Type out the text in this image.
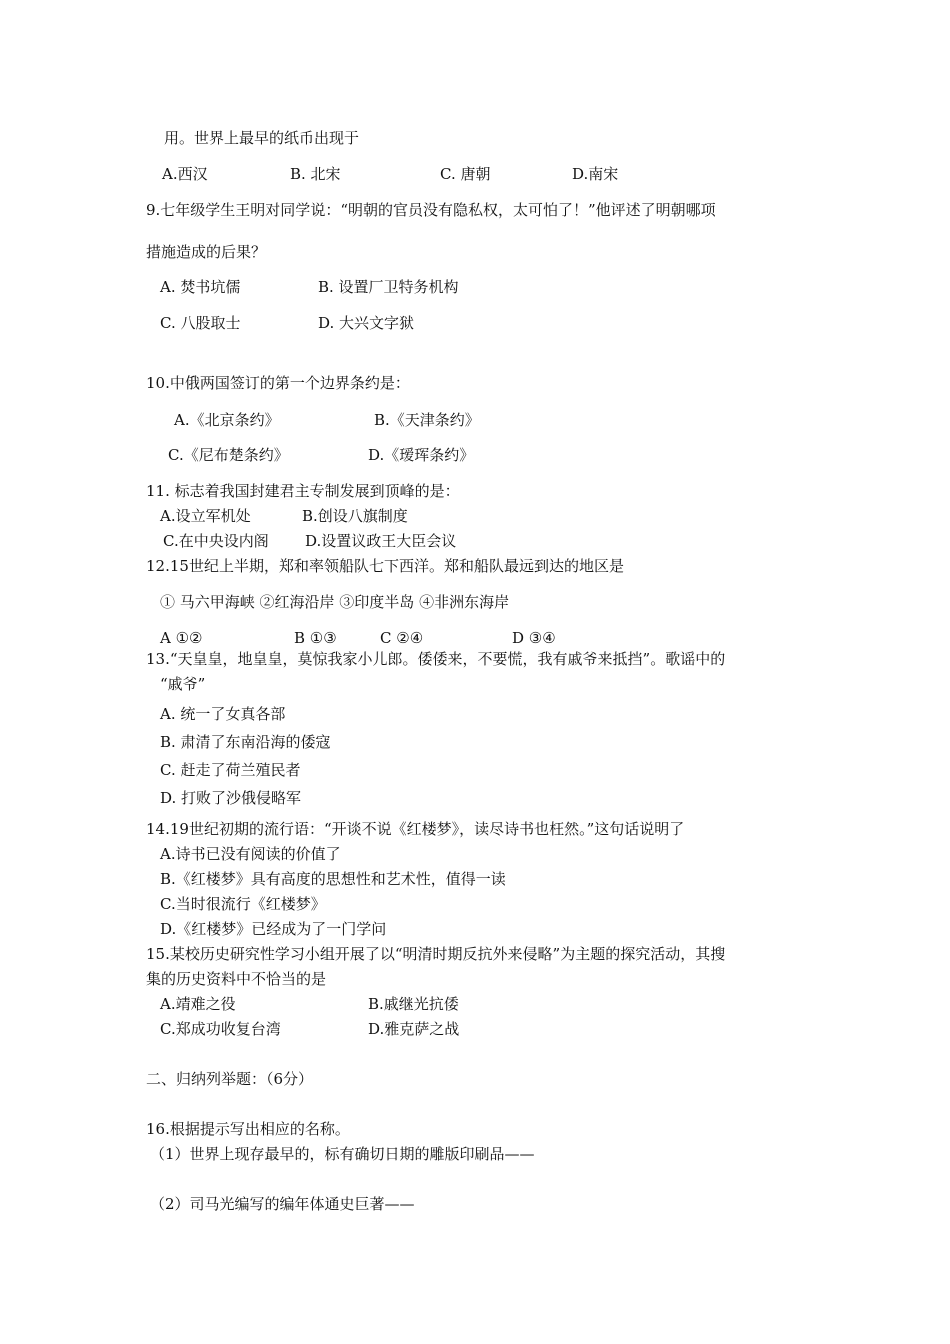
用。世界上最早的纸币出现于
A.西汉	B. 北宋	C. 唐朝	D.南宋
9.七年级学生王明对同学说：“明朝的官员没有隐私权，太可怕了！”他评述了明朝哪项
措施造成的后果？
A. 焚书坑儒	B. 设置厂卫特务机构
C. 八股取士	D. 大兴文字狱
10.中俄两国签订的第一个边界条约是：
A.《北京条约》	B.《天津条约》
C.《尼布楚条约》	D.《瑷珲条约》
11. 标志着我国封建君主专制发展到顶峰的是：
A.设立军机处	B.创设八旗制度
C.在中央设内阁 D.设置议政王大臣会议
12.15世纪上半期，郑和率领船队七下西洋。郑和船队最远到达的地区是
① 马六甲海峡 ②红海沿岸 ③印度半岛 ④非洲东海岸
A ①②	B ①③	C ②④	D ③④
13.“天皇皇，地皇皇，莫惊我家小儿郎。倭倭来，不要慌，我有戚爷来抵挡”。歌谣中的
“戚爷”
A. 统一了女真各部
B. 肃清了东南沿海的倭寇
C. 赶走了荷兰殖民者
D. 打败了沙俄侵略军
14.19世纪初期的流行语：“开谈不说《红楼梦》，读尽诗书也枉然。”这句话说明了
A.诗书已没有阅读的价值了
B.《红楼梦》具有高度的思想性和艺术性，值得一读
C.当时很流行《红楼梦》
D.《红楼梦》已经成为了一门学问
15.某校历史研究性学习小组开展了以“明清时期反抗外来侵略”为主题的探究活动，其搜
集的历史资料中不恰当的是
A.靖难之役	B.戚继光抗倭
C.郑成功收复台湾	D.雅克萨之战
二、归纳列举题：（6分）
16.根据提示写出相应的名称。
（1）世界上现存最早的，标有确切日期的雕版印刷品——
（2）司马光编写的编年体通史巨著——
